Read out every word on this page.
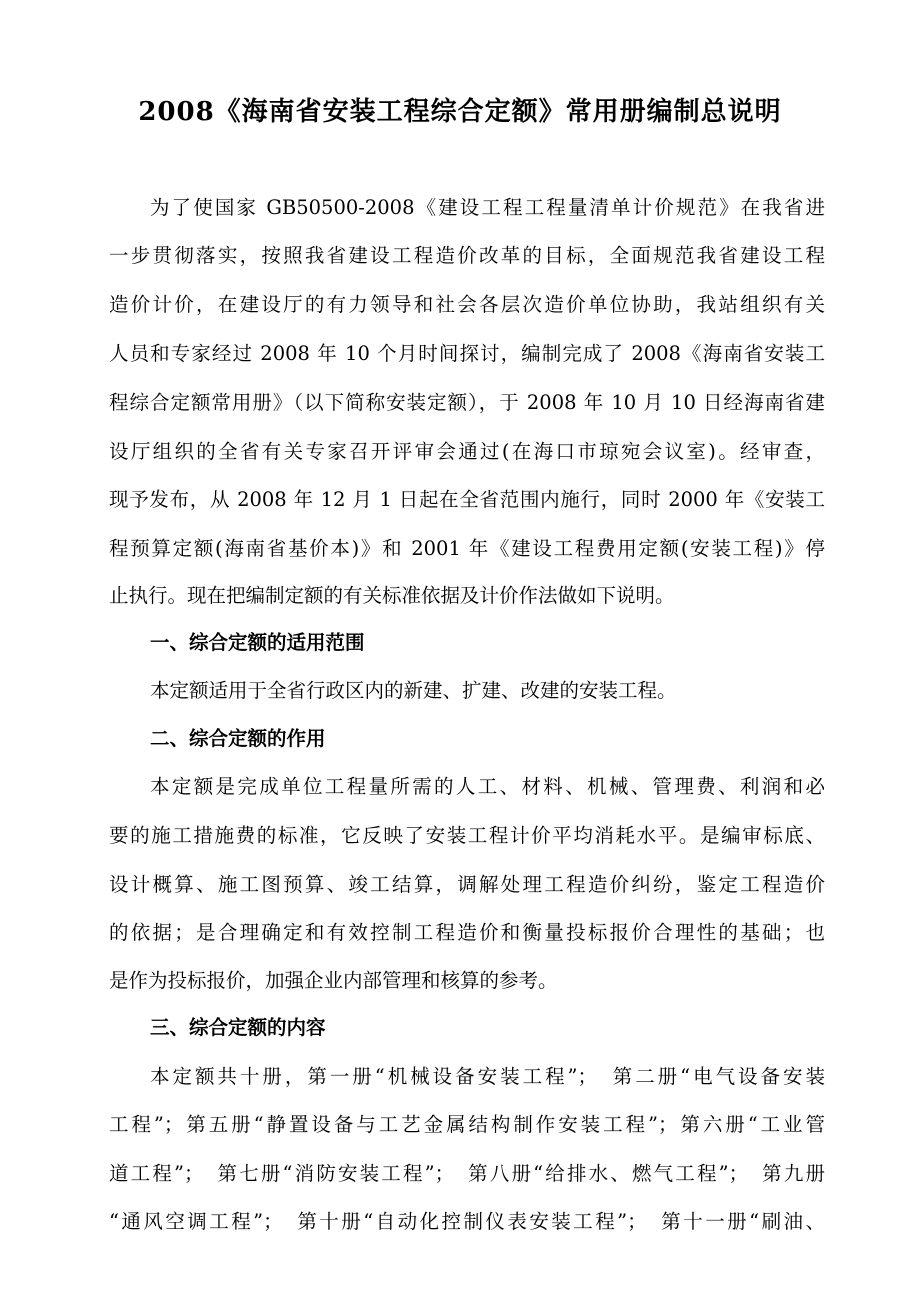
2008《海南省安装工程综合定额》常用册编制总说明
为了使国家 GB50500-2008《建设工程工程量清单计价规范》在我省进
一步贯彻落实，按照我省建设工程造价改革的目标，全面规范我省建设工程
造价计价，在建设厅的有力领导和社会各层次造价单位协助，我站组织有关
人员和专家经过 2008 年 10 个月时间探讨，编制完成了 2008《海南省安装工
程综合定额常用册》（以下简称安装定额），于 2008 年 10 月 10 日经海南省建
设厅组织的全省有关专家召开评审会通过(在海口市琼宛会议室)。经审查，
现予发布，从 2008 年 12 月 1 日起在全省范围内施行，同时 2000 年《安装工
程预算定额(海南省基价本)》和 2001 年《建设工程费用定额(安装工程)》停
止执行。现在把编制定额的有关标准依据及计价作法做如下说明。
一、综合定额的适用范围
本定额适用于全省行政区内的新建、扩建、改建的安装工程。
二、综合定额的作用
本定额是完成单位工程量所需的人工、材料、机械、管理费、利润和必
要的施工措施费的标准，它反映了安装工程计价平均消耗水平。是编审标底、
设计概算、施工图预算、竣工结算，调解处理工程造价纠纷，鉴定工程造价
的依据；是合理确定和有效控制工程造价和衡量投标报价合理性的基础；也
是作为投标报价，加强企业内部管理和核算的参考。
三、综合定额的内容
本定额共十册，第一册“机械设备安装工程”；　第二册“电气设备安装
工程”；第五册“静置设备与工艺金属结构制作安装工程”；第六册“工业管
道工程”；　第七册“消防安装工程”；　第八册“给排水、燃气工程”；　第九册
“通风空调工程”；　第十册“自动化控制仪表安装工程”；　第十一册“刷油、
